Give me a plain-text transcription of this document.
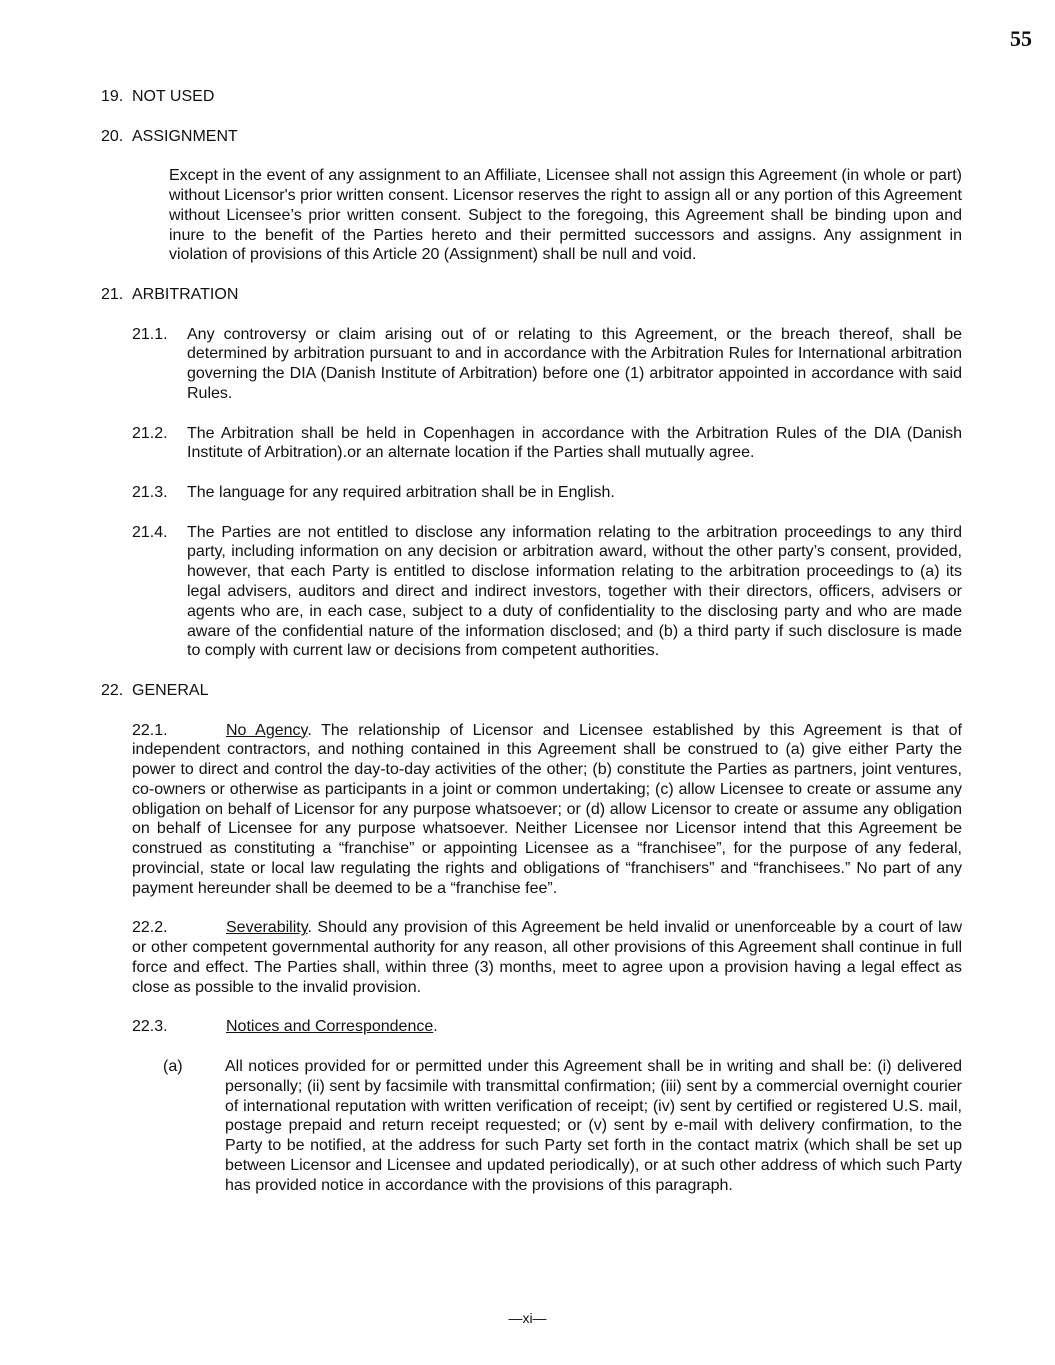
55

19. NOT USED

20. ASSIGNMENT

Except in the event of any assignment to an Affiliate, Licensee shall not assign this Agreement (in whole or part) without Licensor's prior written consent. Licensor reserves the right to assign all or any portion of this Agreement without Licensee’s prior written consent. Subject to the foregoing, this Agreement shall be binding upon and inure to the benefit of the Parties hereto and their permitted successors and assigns. Any assignment in violation of provisions of this Article 20 (Assignment) shall be null and void.

21. ARBITRATION

21.1.	Any controversy or claim arising out of or relating to this Agreement, or the breach thereof, shall be determined by arbitration pursuant to and in accordance with the Arbitration Rules for International arbitration governing the DIA (Danish Institute of Arbitration) before one (1) arbitrator appointed in accordance with said Rules.
21.2.	The Arbitration shall be held in Copenhagen in accordance with the Arbitration Rules of the DIA (Danish Institute of Arbitration).or an alternate location if the Parties shall mutually agree.
21.3.	The language for any required arbitration shall be in English.
21.4.	The Parties are not entitled to disclose any information relating to the arbitration proceedings to any third party, including information on any decision or arbitration award, without the other party’s consent, provided, however, that each Party is entitled to disclose information relating to the arbitration proceedings to (a) its legal advisers, auditors and direct and indirect investors, together with their directors, officers, advisers or agents who are, in each case, subject to a duty of confidentiality to the disclosing party and who are made aware of the confidential nature of the information disclosed; and (b) a third party if such disclosure is made to comply with current law or decisions from competent authorities.

22. GENERAL

22.1.	No Agency. The relationship of Licensor and Licensee established by this Agreement is that of independent contractors, and nothing contained in this Agreement shall be construed to (a) give either Party the power to direct and control the day-to-day activities of the other; (b) constitute the Parties as partners, joint ventures, co-owners or otherwise as participants in a joint or common undertaking; (c) allow Licensee to create or assume any obligation on behalf of Licensor for any purpose whatsoever; or (d) allow Licensor to create or assume any obligation on behalf of Licensee for any purpose whatsoever. Neither Licensee nor Licensor intend that this Agreement be construed as constituting a “franchise” or appointing Licensee as a “franchisee”, for the purpose of any federal, provincial, state or local law regulating the rights and obligations of “franchisers” and “franchisees.” No part of any payment hereunder shall be deemed to be a “franchise fee”.

22.2.	Severability. Should any provision of this Agreement be held invalid or unenforceable by a court of law or other competent governmental authority for any reason, all other provisions of this Agreement shall continue in full force and effect. The Parties shall, within three (3) months, meet to agree upon a provision having a legal effect as close as possible to the invalid provision.

22.3.	Notices and Correspondence.

(a)	All notices provided for or permitted under this Agreement shall be in writing and shall be: (i) delivered personally; (ii) sent by facsimile with transmittal confirmation; (iii) sent by a commercial overnight courier of international reputation with written verification of receipt; (iv) sent by certified or registered U.S. mail, postage prepaid and return receipt requested; or (v) sent by e-mail with delivery confirmation, to the Party to be notified, at the address for such Party set forth in the contact matrix (which shall be set up between Licensor and Licensee and updated periodically), or at such other address of which such Party has provided notice in accordance with the provisions of this paragraph.
—xi—
